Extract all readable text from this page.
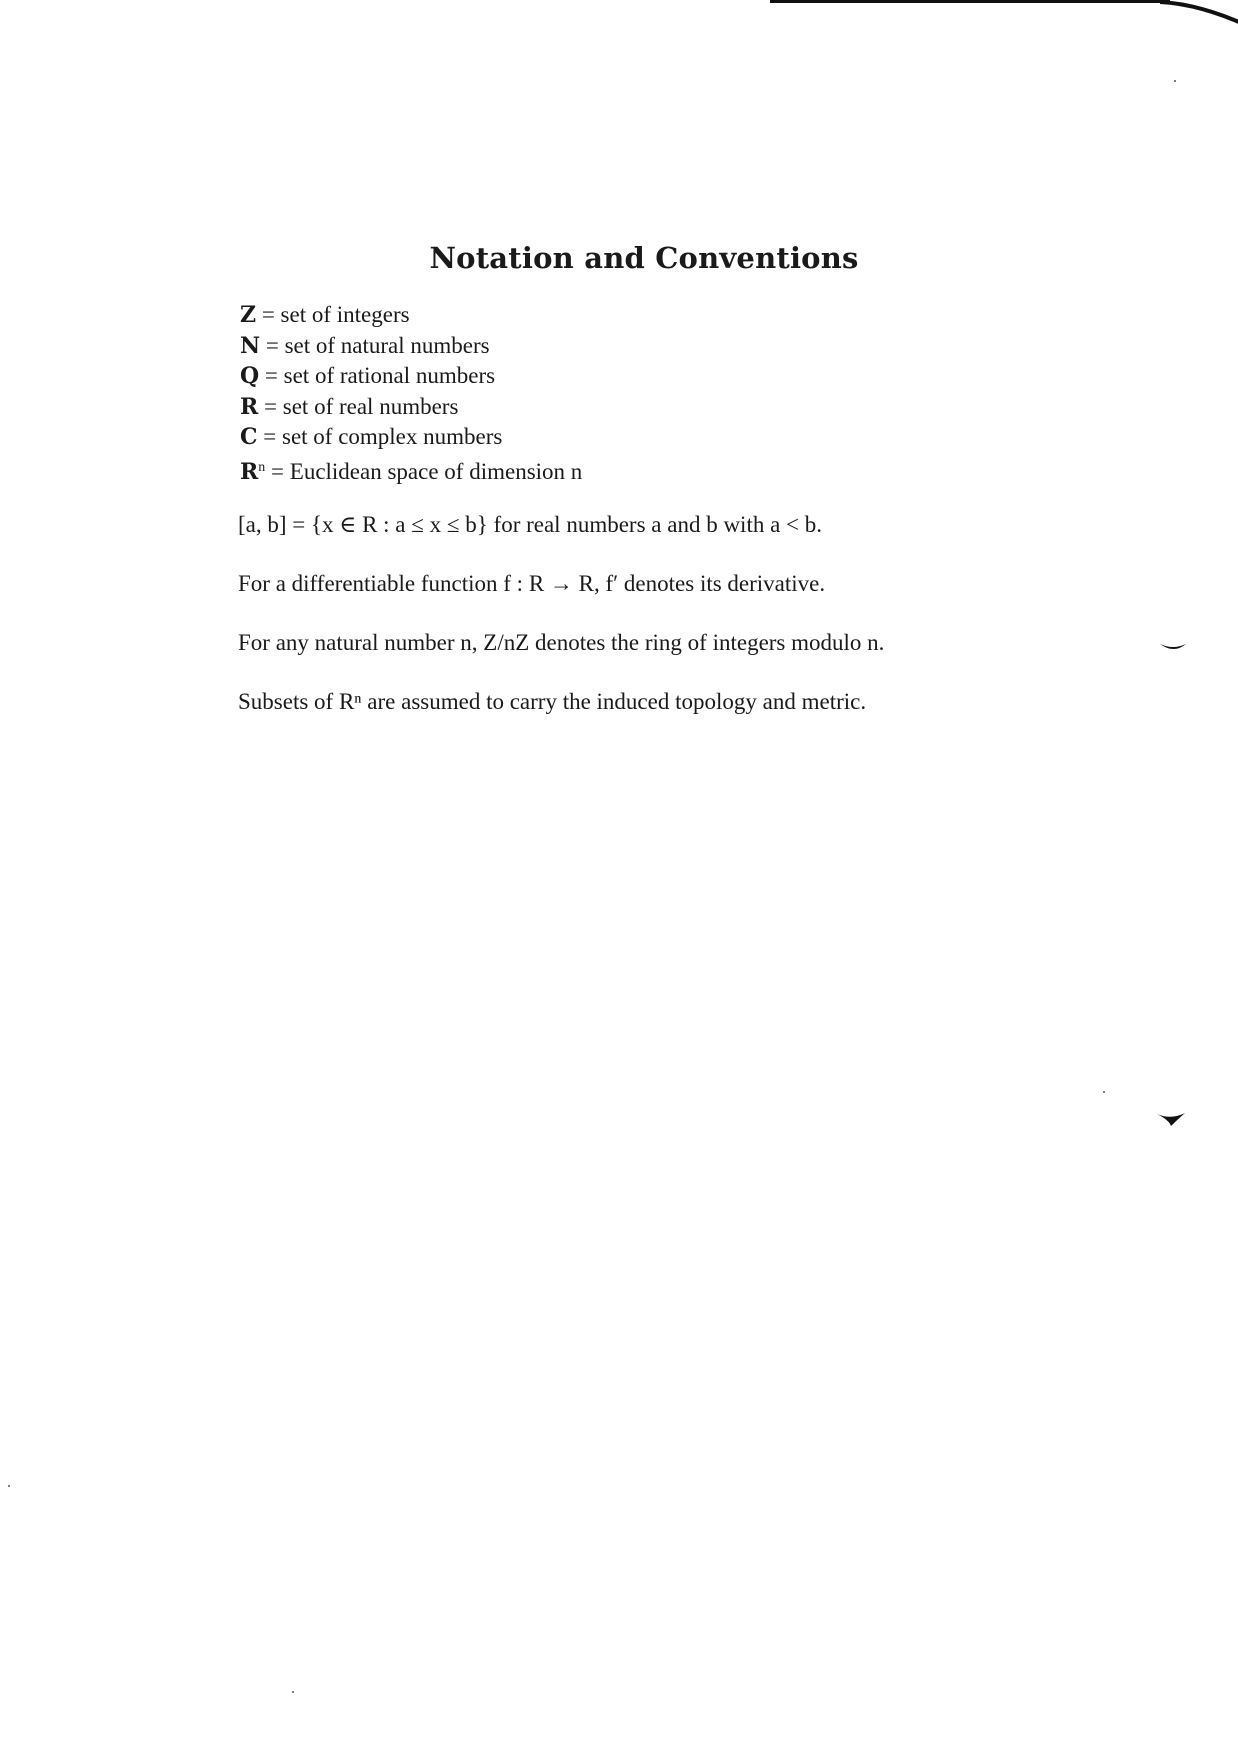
Notation and Conventions
Z = set of integers
N = set of natural numbers
Q = set of rational numbers
R = set of real numbers
C = set of complex numbers
$R^n$ = Euclidean space of dimension n
[a, b] = {x ∈ R : a ≤ x ≤ b} for real numbers a and b with a < b.
For a differentiable function f : R → R, f′ denotes its derivative.
For any natural number n, Z/nZ denotes the ring of integers modulo n.
Subsets of Rⁿ are assumed to carry the induced topology and metric.
